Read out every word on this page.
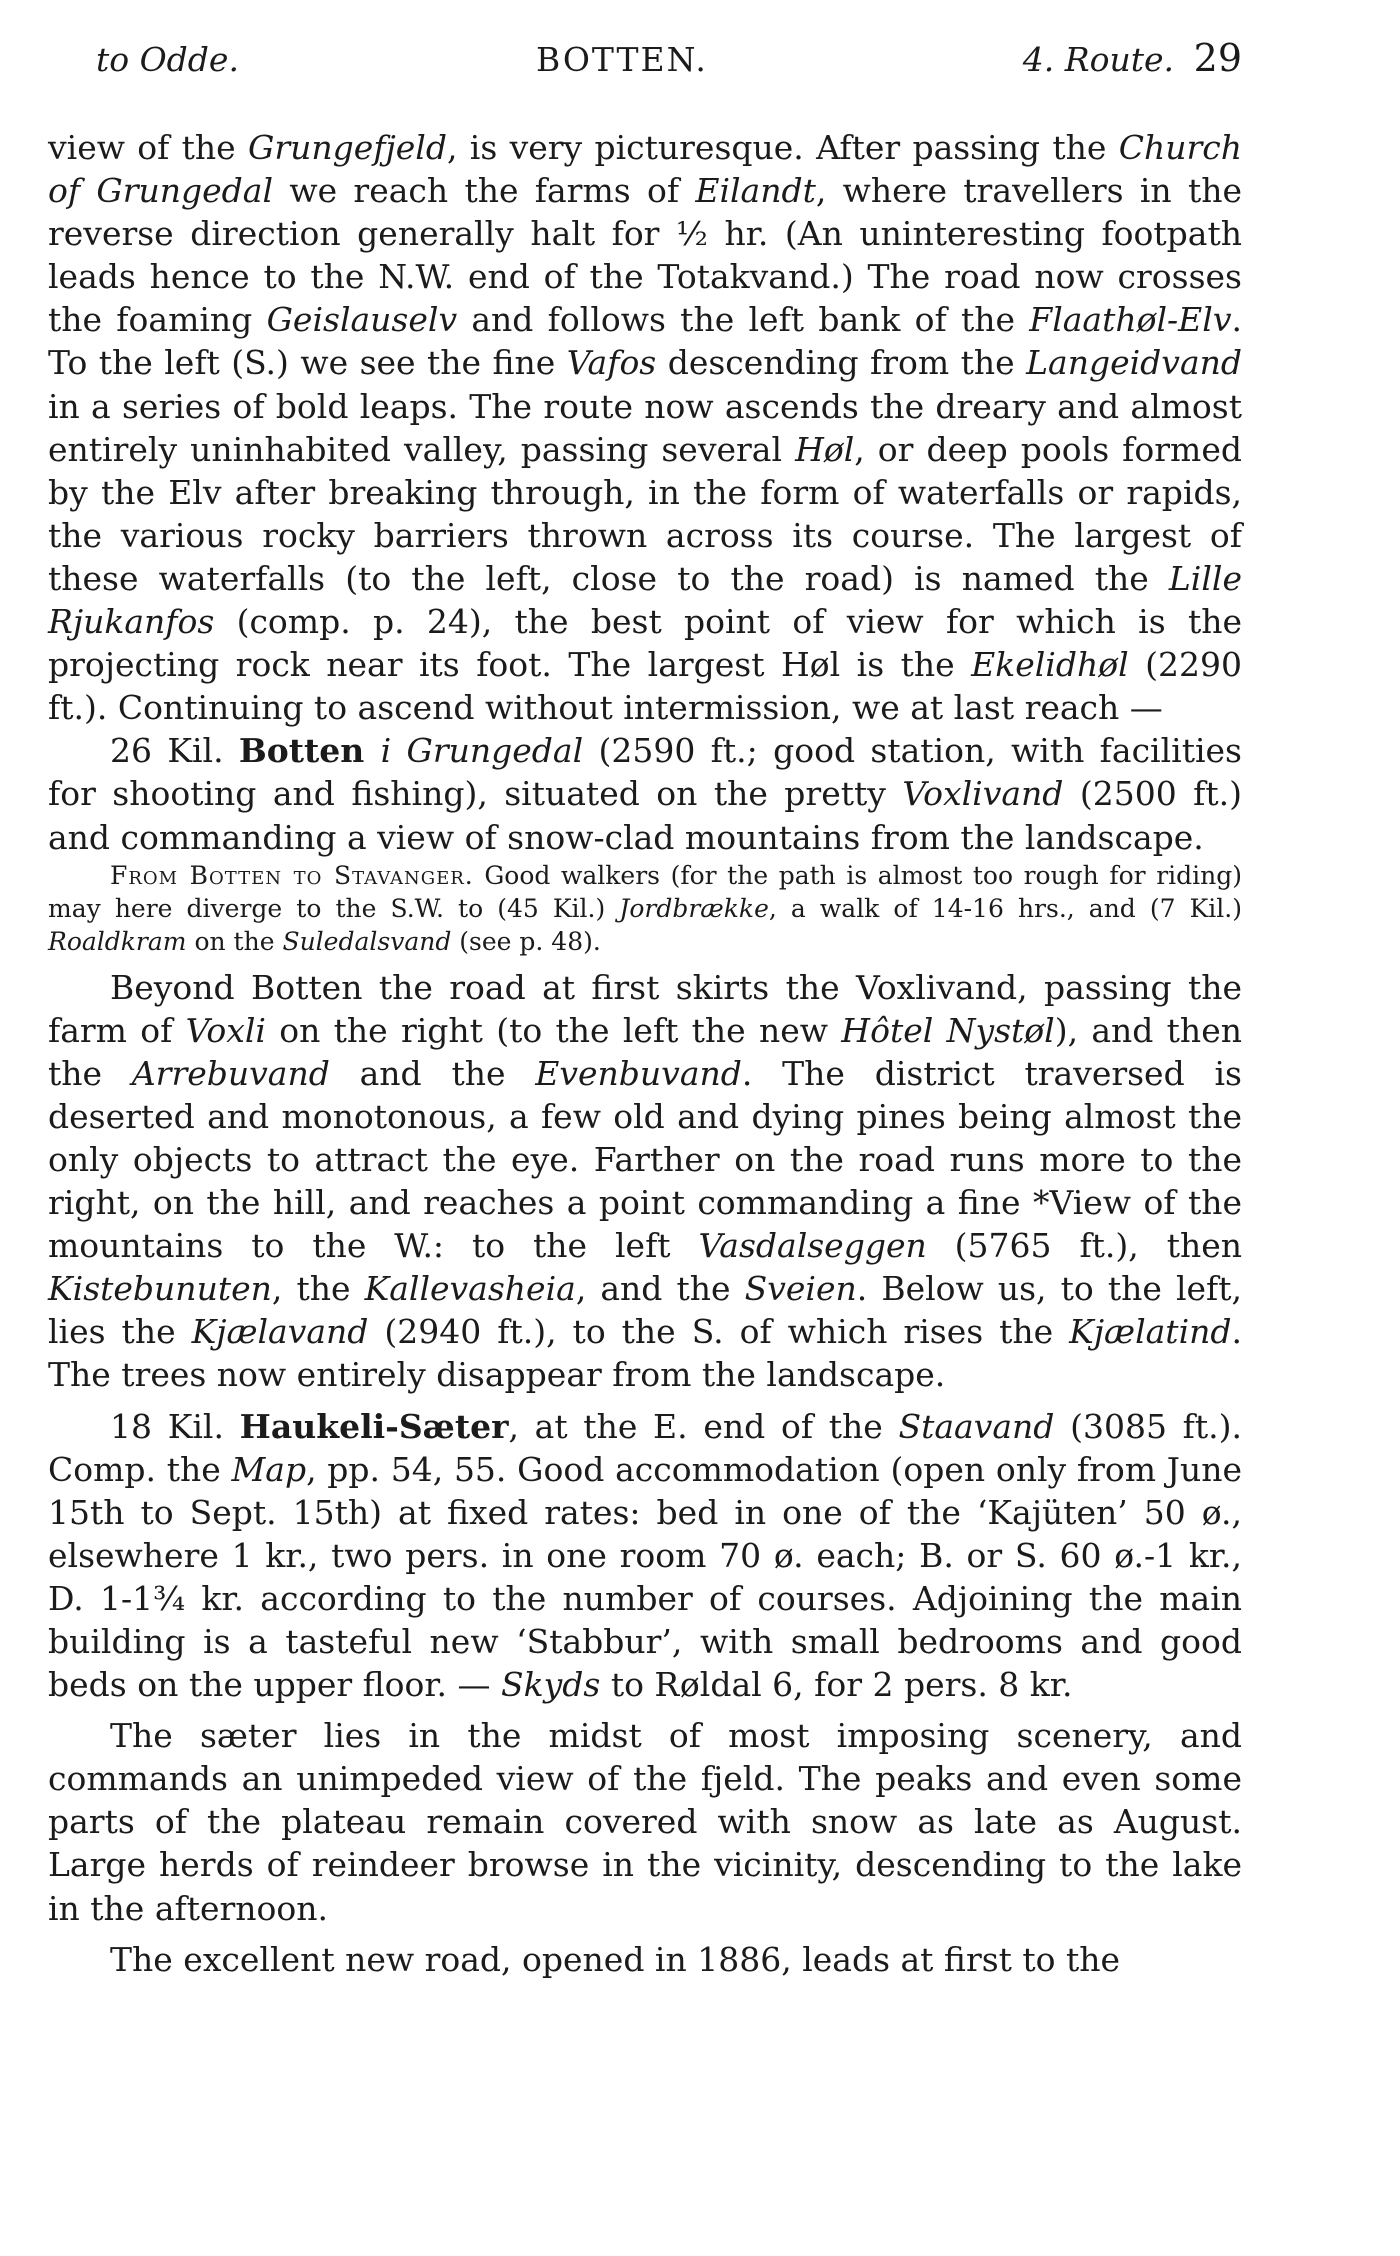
to Odde.	BOTTEN.	4. Route. 29

view of the Grungefjeld, is very picturesque. After passing the Church of Grungedal we reach the farms of Eilandt, where travellers in the reverse direction generally halt for ½ hr. (An uninteresting footpath leads hence to the N.W. end of the Totakvand.) The road now crosses the foaming Geislauselv and follows the left bank of the Flaathøl-Elv. To the left (S.) we see the fine Vafos descending from the Langeidvand in a series of bold leaps. The route now ascends the dreary and almost entirely uninhabited valley, passing several Høl, or deep pools formed by the Elv after breaking through, in the form of waterfalls or rapids, the various rocky barriers thrown across its course. The largest of these waterfalls (to the left, close to the road) is named the Lille Rjukanfos (comp. p. 24), the best point of view for which is the projecting rock near its foot. The largest Høl is the Ekelidhøl (2290 ft.). Continuing to ascend without intermission, we at last reach —

26 Kil. Botten i Grungedal (2590 ft.; good station, with facilities for shooting and fishing), situated on the pretty Voxlivand (2500 ft.) and commanding a view of snow-clad mountains from the landscape.

From Botten to Stavanger. Good walkers (for the path is almost too rough for riding) may here diverge to the S.W. to (45 Kil.) Jordbrække, a walk of 14-16 hrs., and (7 Kil.) Roaldkram on the Suledalsvand (see p. 48).

Beyond Botten the road at first skirts the Voxlivand, passing the farm of Voxli on the right (to the left the new Hôtel Nystøl), and then the Arrebuvand and the Evenbuvand. The district traversed is deserted and monotonous, a few old and dying pines being almost the only objects to attract the eye. Farther on the road runs more to the right, on the hill, and reaches a point commanding a fine *View of the mountains to the W.: to the left Vasdalseggen (5765 ft.), then Kistebunuten, the Kallevasheia, and the Sveien. Below us, to the left, lies the Kjælavand (2940 ft.), to the S. of which rises the Kjælatind. The trees now entirely disappear from the landscape.

18 Kil. Haukeli-Sæter, at the E. end of the Staavand (3085 ft.). Comp. the Map, pp. 54, 55. Good accommodation (open only from June 15th to Sept. 15th) at fixed rates: bed in one of the ‘Kajüten’ 50 ø., elsewhere 1 kr., two pers. in one room 70 ø. each; B. or S. 60 ø.-1 kr., D. 1-1¾ kr. according to the number of courses. Adjoining the main building is a tasteful new ‘Stabbur’, with small bedrooms and good beds on the upper floor. — Skyds to Røldal 6, for 2 pers. 8 kr.

The sæter lies in the midst of most imposing scenery, and commands an unimpeded view of the fjeld. The peaks and even some parts of the plateau remain covered with snow as late as August. Large herds of reindeer browse in the vicinity, descending to the lake in the afternoon.

The excellent new road, opened in 1886, leads at first to the
